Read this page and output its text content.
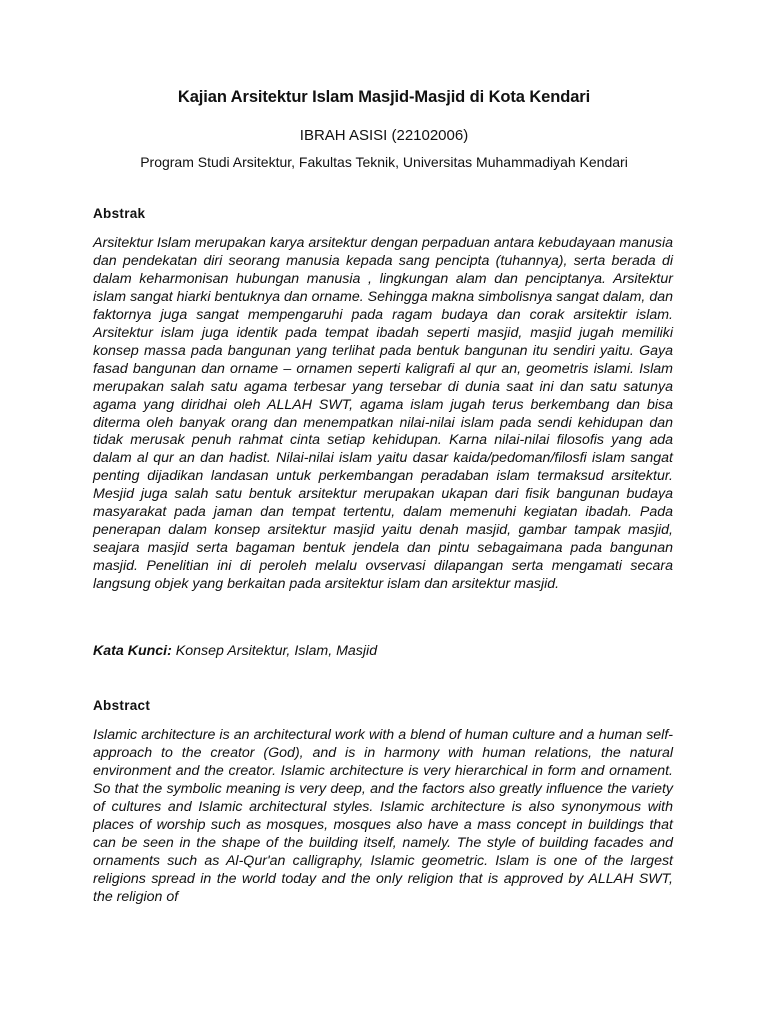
Kajian Arsitektur Islam Masjid-Masjid di Kota Kendari
IBRAH ASISI (22102006)
Program Studi Arsitektur, Fakultas Teknik, Universitas Muhammadiyah Kendari
Abstrak

Arsitektur Islam merupakan karya arsitektur dengan perpaduan antara kebudayaan manusia dan pendekatan diri seorang manusia kepada sang pencipta (tuhannya), serta berada di dalam keharmonisan hubungan manusia , lingkungan alam dan penciptanya. Arsitektur islam sangat hiarki bentuknya dan orname. Sehingga makna simbolisnya sangat dalam, dan faktornya juga sangat mempengaruhi pada ragam budaya dan corak arsitektir islam. Arsitektur islam juga identik pada tempat ibadah seperti masjid, masjid jugah memiliki konsep massa pada bangunan yang terlihat pada bentuk bangunan itu sendiri yaitu. Gaya fasad bangunan dan orname – ornamen seperti kaligrafi al qur an, geometris islami. Islam merupakan salah satu agama terbesar yang tersebar di dunia saat ini dan satu satunya agama yang diridhai oleh ALLAH SWT, agama islam jugah terus berkembang dan bisa diterma oleh banyak orang dan menempatkan nilai-nilai islam pada sendi kehidupan dan tidak merusak penuh rahmat cinta setiap kehidupan. Karna nilai-nilai filosofis yang ada dalam al qur an dan hadist. Nilai-nilai islam yaitu dasar kaida/pedoman/filosfi islam sangat penting dijadikan landasan untuk perkembangan peradaban islam termaksud arsitektur. Mesjid juga salah satu bentuk arsitektur merupakan ukapan dari fisik bangunan budaya masyarakat pada jaman dan tempat tertentu, dalam memenuhi kegiatan ibadah. Pada penerapan dalam konsep arsitektur masjid yaitu denah masjid, gambar tampak masjid, seajara masjid serta bagaman bentuk jendela dan pintu sebagaimana pada bangunan masjid. Penelitian ini di peroleh melalu ovservasi dilapangan serta mengamati secara langsung objek yang berkaitan pada arsitektur islam dan arsitektur masjid.

Kata Kunci: Konsep Arsitektur, Islam, Masjid
Abstract

Islamic architecture is an architectural work with a blend of human culture and a human self-approach to the creator (God), and is in harmony with human relations, the natural environment and the creator. Islamic architecture is very hierarchical in form and ornament. So that the symbolic meaning is very deep, and the factors also greatly influence the variety of cultures and Islamic architectural styles. Islamic architecture is also synonymous with places of worship such as mosques, mosques also have a mass concept in buildings that can be seen in the shape of the building itself, namely. The style of building facades and ornaments such as Al-Qur'an calligraphy, Islamic geometric. Islam is one of the largest religions spread in the world today and the only religion that is approved by ALLAH SWT, the religion of
